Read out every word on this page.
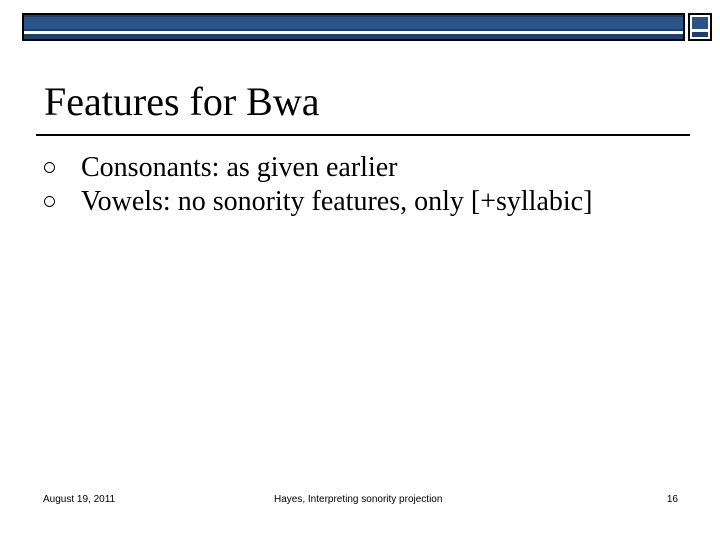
Features for Bwa
Consonants: as given earlier
Vowels: no sonority features, only [+syllabic]
August 19, 2011	Hayes, Interpreting sonority projection	16
